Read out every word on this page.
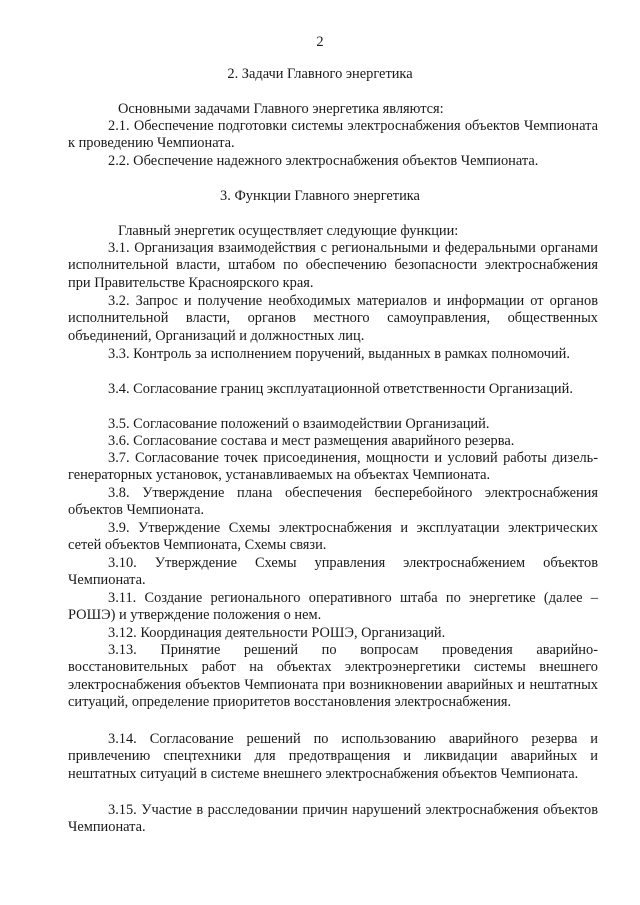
2
2. Задачи Главного энергетика
Основными задачами Главного энергетика являются:
2.1. Обеспечение подготовки системы электроснабжения объектов Чемпионата к проведению Чемпионата.
2.2. Обеспечение надежного электроснабжения объектов Чемпионата.
3. Функции Главного энергетика
Главный энергетик осуществляет следующие функции:
3.1. Организация взаимодействия с региональными и федеральными органами исполнительной власти, штабом по обеспечению безопасности электроснабжения при Правительстве Красноярского края.
3.2. Запрос и получение необходимых материалов и информации от органов исполнительной власти, органов местного самоуправления, общественных объединений, Организаций и должностных лиц.
3.3. Контроль за исполнением поручений, выданных в рамках полномочий.
3.4. Согласование границ эксплуатационной ответственности Организаций.
3.5. Согласование положений о взаимодействии Организаций.
3.6. Согласование состава и мест размещения аварийного резерва.
3.7. Согласование точек присоединения, мощности и условий работы дизель-генераторных установок, устанавливаемых на объектах Чемпионата.
3.8. Утверждение плана обеспечения бесперебойного электроснабжения объектов Чемпионата.
3.9. Утверждение Схемы электроснабжения и эксплуатации электрических сетей объектов Чемпионата, Схемы связи.
3.10. Утверждение Схемы управления электроснабжением объектов Чемпионата.
3.11. Создание регионального оперативного штаба по энергетике (далее – РОШЭ) и утверждение положения о нем.
3.12. Координация деятельности РОШЭ, Организаций.
3.13. Принятие решений по вопросам проведения аварийно-восстановительных работ на объектах электроэнергетики системы внешнего электроснабжения объектов Чемпионата при возникновении аварийных и нештатных ситуаций, определение приоритетов восстановления электроснабжения.
3.14. Согласование решений по использованию аварийного резерва и привлечению спецтехники для предотвращения и ликвидации аварийных и нештатных ситуаций в системе внешнего электроснабжения объектов Чемпионата.
3.15. Участие в расследовании причин нарушений электроснабжения объектов Чемпионата.
